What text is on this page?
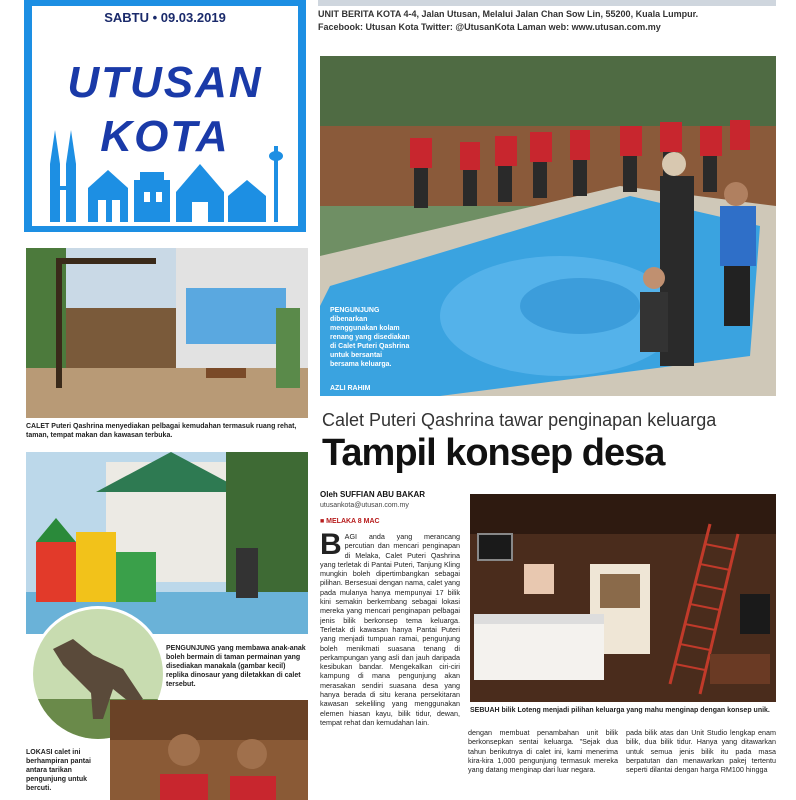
SABTU • 09.03.2019
UTUSAN
KOTA
UNIT BERITA KOTA 4-4, Jalan Utusan, Melalui Jalan Chan Sow Lin, 55200, Kuala Lumpur.
Facebook: Utusan Kota Twitter: @UtusanKota Laman web: www.utusan.com.my
PENGUNJUNG dibenarkan menggunakan kolam renang yang disediakan di Calet Puteri Qashrina untuk bersantai bersama keluarga.
AZLI RAHIM
Calet Puteri Qashrina tawar penginapan keluarga
Tampil konsep desa
Oleh SUFFIAN ABU BAKAR
utusankota@utusan.com.my
■ MELAKA 8 MAC
BAGI anda yang merancang percutian dan mencari penginapan di Melaka, Calet Puteri Qashrina yang terletak di Pantai Puteri, Tanjung Kling mungkin boleh dipertimbangkan sebagai pilihan. Bersesuai dengan nama, calet yang pada mulanya hanya mempunyai 17 bilik kini semakin berkembang sebagai lokasi mereka yang mencari penginapan pelbagai jenis bilik berkonsep tema keluarga. Terletak di kawasan hanya Pantai Puteri yang menjadi tumpuan ramai, pengunjung boleh menikmati suasana tenang di perkampungan yang asli dan jauh daripada kesibukan bandar. Mengekalkan ciri-ciri kampung di mana pengunjung akan merasakan sendiri suasana desa yang hanya berada di situ kerana persekitaran kawasan sekeliling yang menggunakan elemen hiasan kayu, bilik tidur, dewan, tempat rehat dan kemudahan lain.
SEBUAH bilik Loteng menjadi pilihan keluarga yang mahu menginap dengan konsep unik.
dengan membuat penambahan unit bilik berkonsepkan sentai keluarga. "Sejak dua tahun berikutnya di calet ini, kami menerima kira-kira 1,000 pengunjung termasuk mereka yang datang menginap dari luar negara.
pada bilik atas dan Unit Studio lengkap enam bilik, dua bilik tidur. Hanya yang ditawarkan untuk semua jenis bilik itu pada masa berpatutan dan menawarkan pakej tertentu seperti dilantai dengan harga RM100 hingga
CALET Puteri Qashrina menyediakan pelbagai kemudahan termasuk ruang rehat, taman, tempat makan dan kawasan terbuka.
PENGUNJUNG yang membawa anak-anak boleh bermain di taman permainan yang disediakan manakala (gambar kecil) replika dinosaur yang diletakkan di calet tersebut.
LOKASI calet ini berhampiran pantai antara tarikan pengunjung untuk bercuti.
